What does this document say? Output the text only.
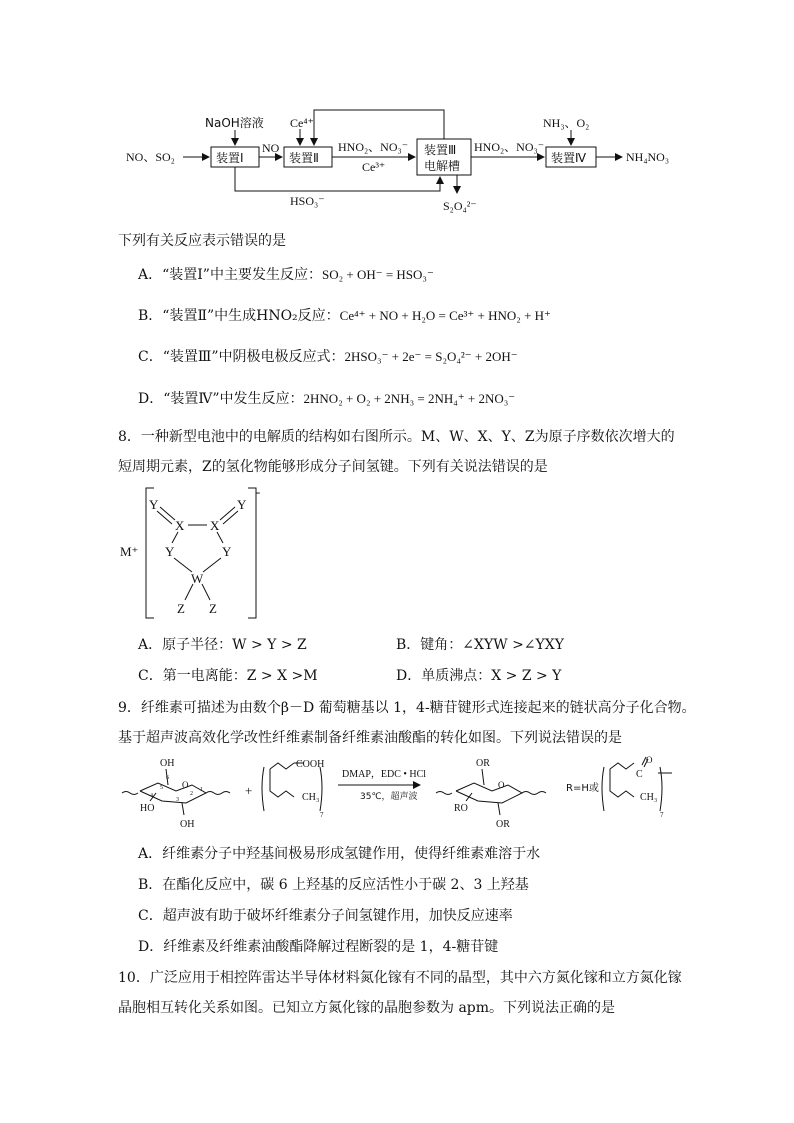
NO、SO₂
NaOH溶液
装置Ⅰ
NO
Ce⁴⁺
装置Ⅱ
HNO₂、NO₃⁻
Ce³⁺
装置Ⅲ
电解槽
HNO₂、NO₃⁻
NH₃、O₂
装置Ⅳ	NH₄NO₃
HSO₃⁻	S₂O₄²⁻
下列有关反应表示错误的是
A．“装置Ⅰ”中主要发生反应：SO₂ + OH⁻ = HSO₃⁻
B．“装置Ⅱ”中生成HNO₂反应：Ce⁴⁺ + NO + H₂O = Ce³⁺ + HNO₂ + H⁺
C．“装置Ⅲ”中阴极电极反应式：2HSO₃⁻ + 2e⁻ = S₂O₄²⁻ + 2OH⁻
D．“装置Ⅳ”中发生反应：2HNO₂ + O₂ + 2NH₃ = 2NH₄⁺ + 2NO₃⁻
8．一种新型电池中的电解质的结构如右图所示。M、W、X、Y、Z为原子序数依次增大的
短周期元素，Z的氢化物能够形成分子间氢键。下列有关说法错误的是
M⁺
-
Y	Y
X X
Y	Y
W
Z Z
A．原子半径：W > Y > Z	B．键角：∠XYW >∠YXY
C．第一电离能：Z > X >M	D．单质沸点：X > Z > Y
9．纤维素可描述为由数个β－D 葡萄糖基以 1，4-糖苷键形式连接起来的链状高分子化合物。
基于超声波高效化学改性纤维素制备纤维素油酸酯的转化如图。下列说法错误的是
OH
HO
OH
O
6
5
4
3
2
1	+
COOH
CH₃
7
DMAP，EDC • HCl
35℃，超声波
OR
RO
OR
O	R=H或
O
C
CH₃
7
A．纤维素分子中羟基间极易形成氢键作用，使得纤维素难溶于水
B．在酯化反应中，碳 6 上羟基的反应活性小于碳 2、3 上羟基
C．超声波有助于破坏纤维素分子间氢键作用，加快反应速率
D．纤维素及纤维素油酸酯降解过程断裂的是 1，4-糖苷键
10．广泛应用于相控阵雷达半导体材料氮化镓有不同的晶型，其中六方氮化镓和立方氮化镓
晶胞相互转化关系如图。已知立方氮化镓的晶胞参数为 apm。下列说法正确的是
